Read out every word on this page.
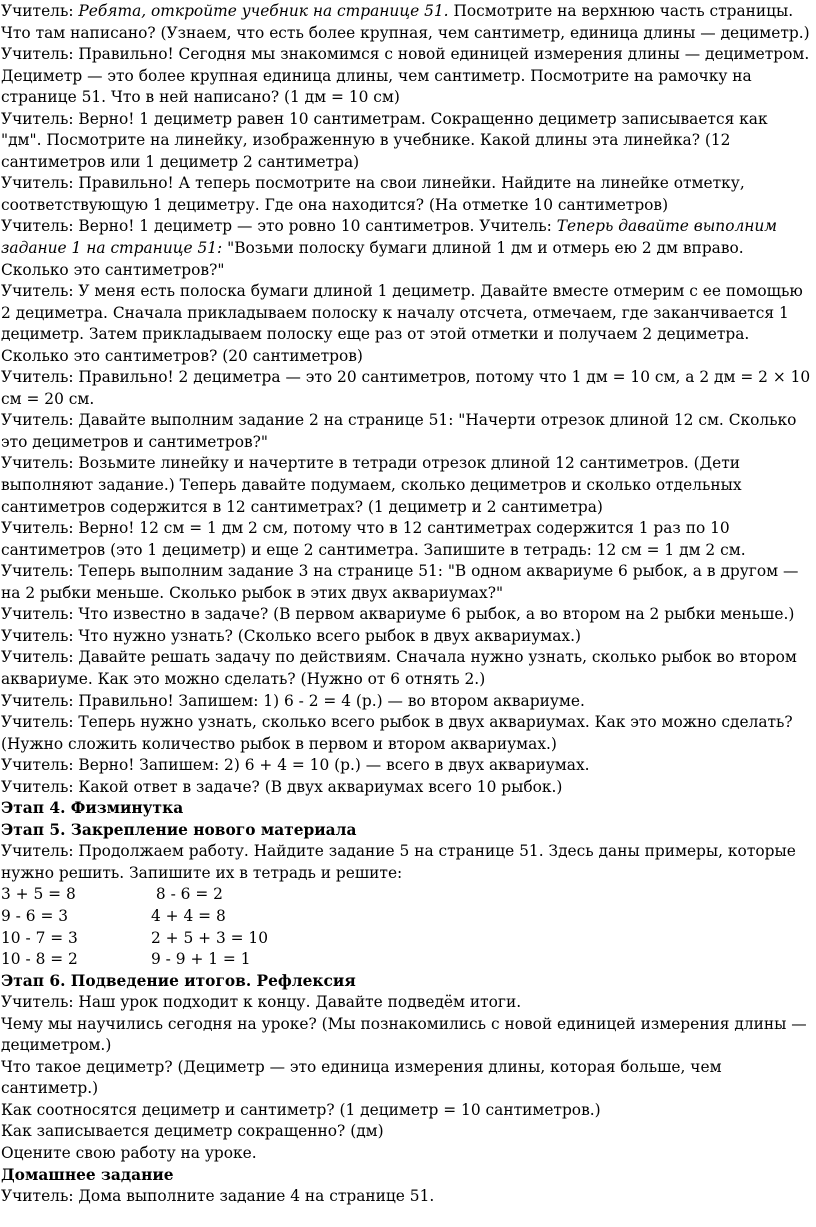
Учитель: Ребята, откройте учебник на странице 51. Посмотрите на верхнюю часть страницы. Что там написано? (Узнаем, что есть более крупная, чем сантиметр, единица длины — дециметр.)
Учитель: Правильно! Сегодня мы знакомимся с новой единицей измерения длины — дециметром. Дециметр — это более крупная единица длины, чем сантиметр. Посмотрите на рамочку на странице 51. Что в ней написано? (1 дм = 10 см)
Учитель: Верно! 1 дециметр равен 10 сантиметрам. Сокращенно дециметр записывается как "дм". Посмотрите на линейку, изображенную в учебнике. Какой длины эта линейка? (12 сантиметров или 1 дециметр 2 сантиметра)
Учитель: Правильно! А теперь посмотрите на свои линейки. Найдите на линейке отметку, соответствующую 1 дециметру. Где она находится? (На отметке 10 сантиметров)
Учитель: Верно! 1 дециметр — это ровно 10 сантиметров. Учитель: Теперь давайте выполним задание 1 на странице 51: "Возьми полоску бумаги длиной 1 дм и отмерь ею 2 дм вправо. Сколько это сантиметров?"
Учитель: У меня есть полоска бумаги длиной 1 дециметр. Давайте вместе отмерим с ее помощью 2 дециметра. Сначала прикладываем полоску к началу отсчета, отмечаем, где заканчивается 1 дециметр. Затем прикладываем полоску еще раз от этой отметки и получаем 2 дециметра. Сколько это сантиметров? (20 сантиметров)
Учитель: Правильно! 2 дециметра — это 20 сантиметров, потому что 1 дм = 10 см, а 2 дм = 2 × 10 см = 20 см.
Учитель: Давайте выполним задание 2 на странице 51: "Начерти отрезок длиной 12 см. Сколько это дециметров и сантиметров?"
Учитель: Возьмите линейку и начертите в тетради отрезок длиной 12 сантиметров. (Дети выполняют задание.) Теперь давайте подумаем, сколько дециметров и сколько отдельных сантиметров содержится в 12 сантиметрах? (1 дециметр и 2 сантиметра)
Учитель: Верно! 12 см = 1 дм 2 см, потому что в 12 сантиметрах содержится 1 раз по 10 сантиметров (это 1 дециметр) и еще 2 сантиметра. Запишите в тетрадь: 12 см = 1 дм 2 см.
Учитель: Теперь выполним задание 3 на странице 51: "В одном аквариуме 6 рыбок, а в другом — на 2 рыбки меньше. Сколько рыбок в этих двух аквариумах?"
Учитель: Что известно в задаче? (В первом аквариуме 6 рыбок, а во втором на 2 рыбки меньше.)
Учитель: Что нужно узнать? (Сколько всего рыбок в двух аквариумах.)
Учитель: Давайте решать задачу по действиям. Сначала нужно узнать, сколько рыбок во втором аквариуме. Как это можно сделать? (Нужно от 6 отнять 2.)
Учитель: Правильно! Запишем: 1) 6 - 2 = 4 (р.) — во втором аквариуме.
Учитель: Теперь нужно узнать, сколько всего рыбок в двух аквариумах. Как это можно сделать? (Нужно сложить количество рыбок в первом и втором аквариумах.)
Учитель: Верно! Запишем: 2) 6 + 4 = 10 (р.) — всего в двух аквариумах.
Учитель: Какой ответ в задаче? (В двух аквариумах всего 10 рыбок.)
Этап 4. Физминутка
Этап 5. Закрепление нового материала
Учитель: Продолжаем работу. Найдите задание 5 на странице 51. Здесь даны примеры, которые нужно решить. Запишите их в тетрадь и решите:
3 + 5 = 8	8 - 6 = 2
9 - 6 = 3	4 + 4 = 8
10 - 7 = 3	2 + 5 + 3 = 10
10 - 8 = 2	9 - 9 + 1 = 1
Этап 6. Подведение итогов. Рефлексия
Учитель: Наш урок подходит к концу. Давайте подведём итоги.
Чему мы научились сегодня на уроке? (Мы познакомились с новой единицей измерения длины — дециметром.)
Что такое дециметр? (Дециметр — это единица измерения длины, которая больше, чем сантиметр.)
Как соотносятся дециметр и сантиметр? (1 дециметр = 10 сантиметров.)
Как записывается дециметр сокращенно? (дм)
Оцените свою работу на уроке.
Домашнее задание
Учитель: Дома выполните задание 4 на странице 51.
